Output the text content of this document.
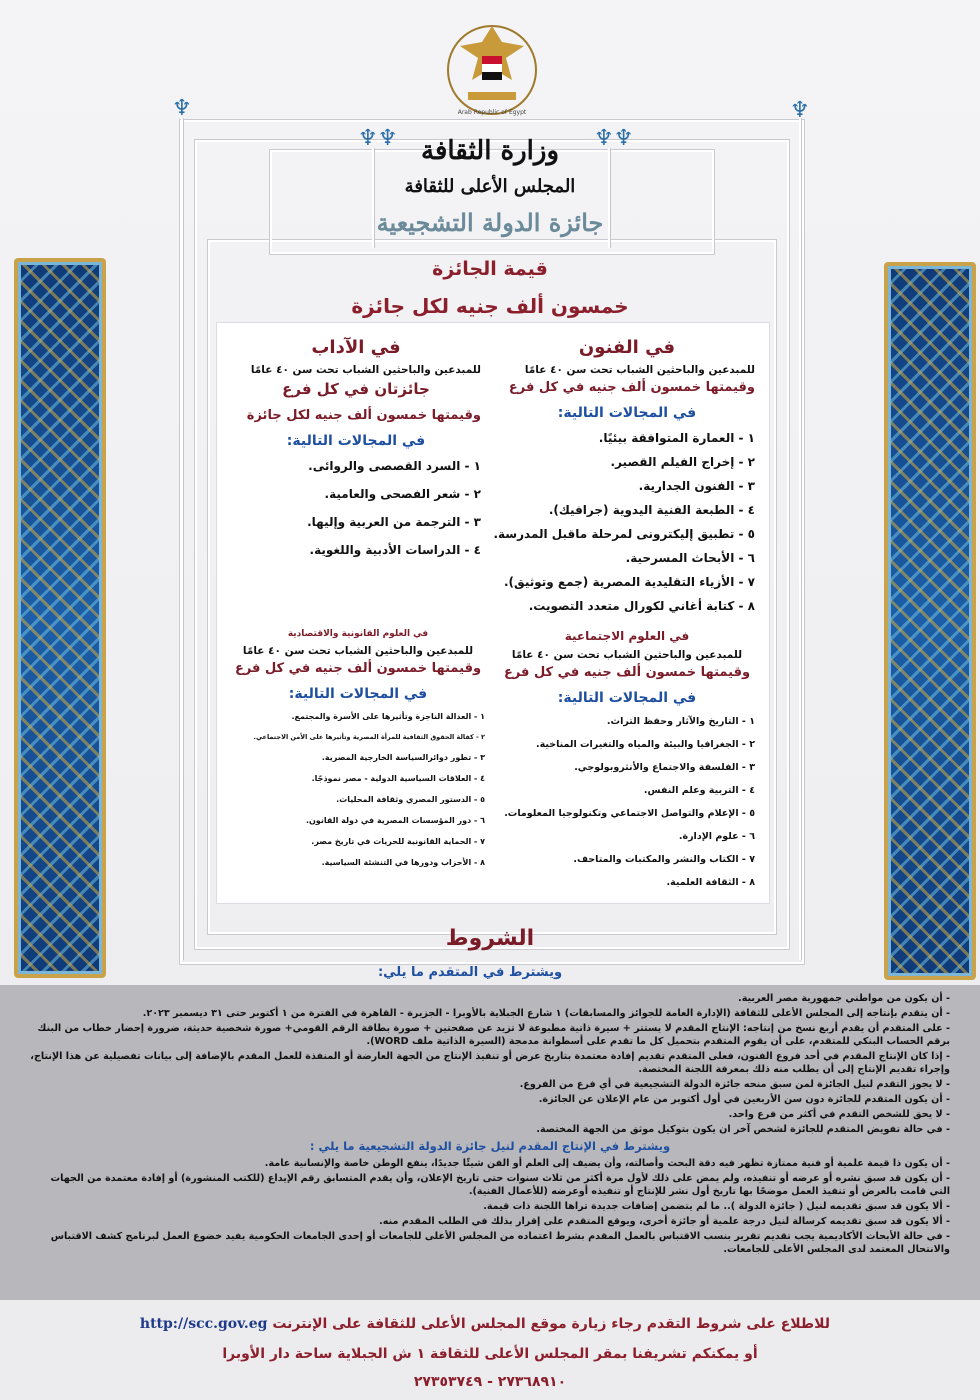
♆	♆
♆♆	♆♆
Arab Republic of Egypt
وزارة الثقافة
المجلس الأعلى للثقافة
جائزة الدولة التشجيعية
قيمة الجائزة
خمسون ألف جنيه لكل جائزة
في الفنون
للمبدعين والباحثين الشباب تحت سن ٤٠ عامًا
وقيمتها خمسون ألف جنيه في كل فرع
في المجالات التالية:
١ - العمارة المتوافقة بيئيًا.
٢ - إخراج الفيلم القصير.
٣ - الفنون الجدارية.
٤ - الطبعة الفنية اليدوية (جرافيك).
٥ - تطبيق إليكترونى لمرحلة ماقبل المدرسة.
٦ - الأبحاث المسرحية.
٧ - الأزياء التقليدية المصرية (جمع وتوثيق).
٨ - كتابة أغاني لكورال متعدد التصويت.
في الآداب
للمبدعين والباحثين الشباب تحت سن ٤٠ عامًا
جائزتان في كل فرع
وقيمتها خمسون ألف جنيه لكل جائزة
في المجالات التالية:
١ - السرد القصصى والروائى.
٢ - شعر الفصحى والعامية.
٣ - الترجمة من العربية وإليها.
٤ - الدراسات الأدبية واللغوية.
في العلوم الاجتماعية
للمبدعين والباحثين الشباب تحت سن ٤٠ عامًا
وقيمتها خمسون ألف جنيه في كل فرع
في المجالات التالية:
١ - التاريخ والآثار وحفظ التراث.
٢ - الجغرافيا والبيئة والمياه والتغيرات المناخية.
٣ - الفلسفة والاجتماع والأنثروبولوجي.
٤ - التربية وعلم النفس.
٥ - الإعلام والتواصل الاجتماعي وتكنولوجيا المعلومات.
٦ - علوم الإدارة.
٧ - الكتاب والنشر والمكتبات والمتاحف.
٨ - الثقافة العلمية.
في العلوم القانونية والاقتصادية
للمبدعين والباحثين الشباب تحت سن ٤٠ عامًا
وقيمتها خمسون ألف جنيه في كل فرع
في المجالات التالية:
١ - العدالة الناجزة وتأثيرها على الأسرة والمجتمع.
٢ - كفالة الحقوق الثقافية للمرأة المصرية وتأثيرها على الأمن الاجتماعي.
٣ - تطور دوائرالسياسة الخارجية المصرية.
٤ - العلاقات السياسية الدولية - مصر نموذجًا.
٥ - الدستور المصري وثقافة المحليات.
٦ - دور المؤسسات المصرية في دولة القانون.
٧ - الحماية القانونية للحريات في تاريخ مصر.
٨ - الأحزاب ودورها في التنشئة السياسية.
الشروط
ويشترط في المتقدم ما يلي:

- أن يكون من مواطني جمهورية مصر العربية.

- أن يتقدم بإنتاجه إلى المجلس الأعلى للثقافة (الإدارة العامة للجوائز والمسابقات) ١ شارع الجبلاية بالأوبرا - الجزيرة - القاهرة في الفترة من ١ أكتوبر حتى ٣١ ديسمبر ٢٠٢٣.

- على المتقدم أن يقدم أربع نسخ من إنتاجه: الإنتاج المقدم لا يستتر + سيرة ذاتية مطبوعة لا تزيد عن صفحتين + صورة بطاقة الرقم القومي+ صورة شخصية حديثة، ضرورة إحضار خطاب من البنك برقم الحساب البنكي للمتقدم، على أن يقوم المتقدم بتحميل كل ما تقدم على أسطوانة مدمجة (السيرة الذاتية ملف WORD).

- إذا كان الإنتاج المقدم في أحد فروع الفنون، فعلى المتقدم تقديم إفادة معتمدة بتاريخ عرض أو تنفيذ الإنتاج من الجهة العارضة أو المنفذة للعمل المقدم بالإضافة إلى بيانات تفصيلية عن هذا الإنتاج، وإجراء تقديم الإنتاج إلى أن يطلب منه ذلك بمعرفة اللجنة المختصة.

- لا يجوز التقدم لنيل الجائزة لمن سبق منحه جائزة الدولة التشجيعية في أي فرع من الفروع.

- أن يكون المتقدم للجائزة دون سن الأربعين في أول أكتوبر من عام الإعلان عن الجائزة.

- لا يحق للشخص التقدم في أكثر من فرع واحد.

- في حالة تفويض المتقدم للجائزة لشخص آخر ان يكون بتوكيل موثق من الجهة المختصة.

ويشترط في الإنتاج المقدم لنيل جائزة الدولة التشجيعية ما يلي :

- أن يكون ذا قيمة علمية أو فنية ممتازة تظهر فيه دقة البحث وأصالته، وأن يضيف إلى العلم أو الفن شيئًا جديدًا، ينفع الوطن خاصة والإنسانية عامة.

- أن يكون قد سبق نشره أو عرضه أو تنفيذه، ولم يمض على ذلك لأول مرة أكثر من ثلاث سنوات حتى تاريخ الإعلان، وأن يقدم المتسابق رقم الإيداع (للكتب المنشورة) أو إفادة معتمدة من الجهات التي قامت بالعرض أو تنفيذ العمل موضحًا بها تاريخ أول نشر للإنتاج أو تنفيذه أوعرضه (للأعمال الفنية).

- ألا يكون قد سبق تقديمه لنيل ( جائزة الدولة ).. ما لم يتضمن إضافات جديدة تراها اللجنة ذات قيمة.

- ألا يكون قد سبق تقديمه كرسالة لنيل درجة علمية أو جائزة أخرى، ويوقع المتقدم على إقرار بذلك في الطلب المقدم منه.

- في حالة الأبحاث الأكاديمية يجب تقديم تقرير بنسب الاقتباس بالعمل المقدم بشرط اعتماده من المجلس الأعلى للجامعات أو إحدى الجامعات الحكومية يفيد خضوع العمل لبرنامج كشف الاقتباس والانتحال المعتمد لدى المجلس الأعلى للجامعات.

للاطلاع على شروط التقدم رجاء زيارة موقع المجلس الأعلى للثقافة على الإنترنت http://scc.gov.eg
أو يمكنكم تشريفنا بمقر المجلس الأعلى للثقافة ١ ش الجبلاية ساحة دار الأوبرا
٢٧٣٦٨٩١٠ - ٢٧٣٥٣٧٤٩
